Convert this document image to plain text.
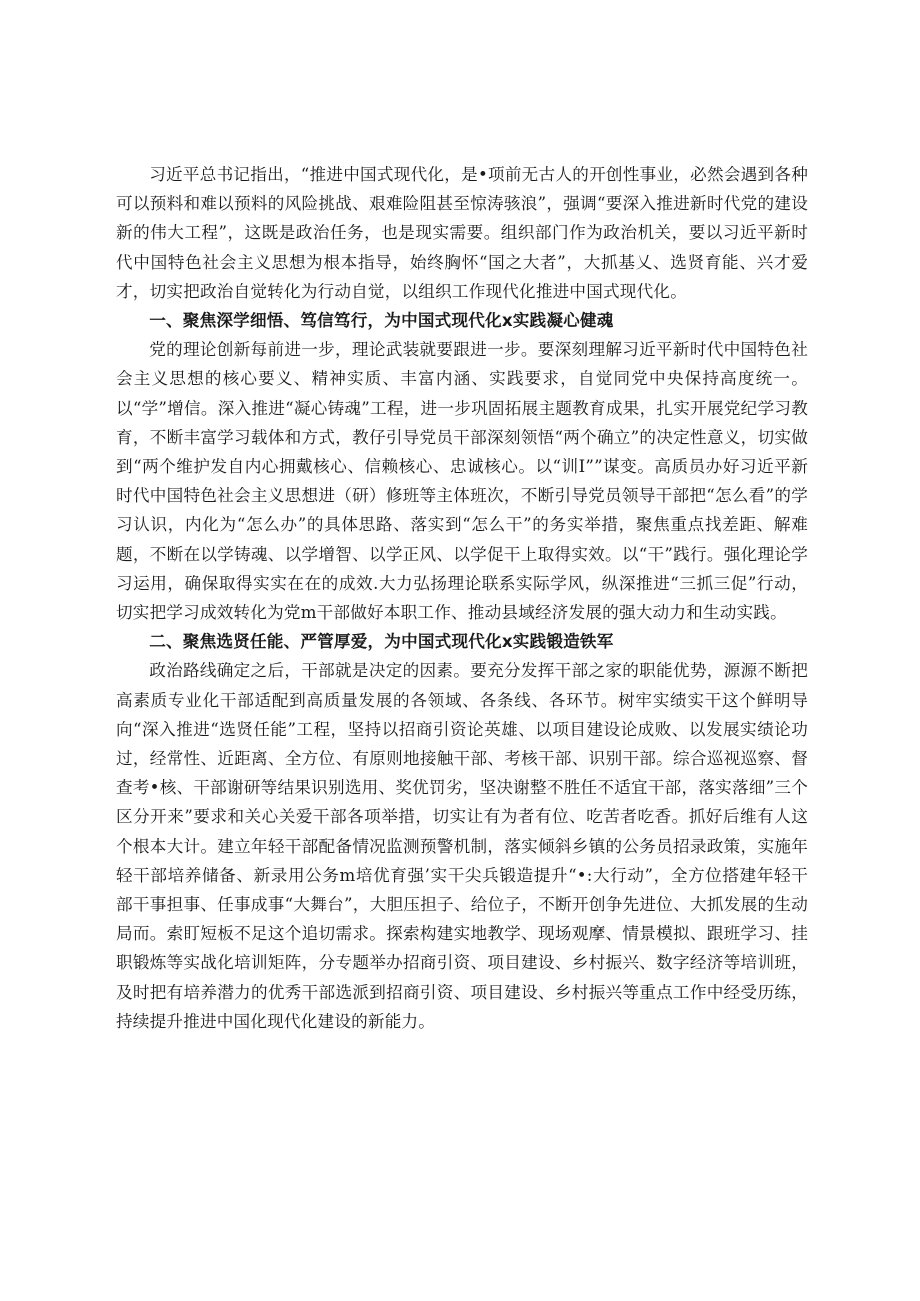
习近平总书记指出，“推进中国式现代化，是•项前无古人的开创性事业，必然会遇到各种可以预料和难以预料的风险挑战、艰难险阻甚至惊涛骇浪”，强调“要深入推进新时代党的建设新的伟大工程”，这既是政治任务，也是现实需要。组织部门作为政治机关，要以习近平新时代中国特色社会主义思想为根本指导，始终胸怀“国之大者”，大抓基乂、选贤育能、兴才爱才，切实把政治自觉转化为行动自觉，以组织工作现代化推进中国式现代化。

一、聚焦深学细悟、笃信笃行，为中国式现代化x实践凝心健魂

党的理论创新每前进一步，理论武装就要跟进一步。要深刻理解习近平新时代中国特色社会主义思想的核心要义、精神实质、丰富内涵、实践要求，自觉同党中央保持高度统一。以“学”增信。深入推进“凝心铸魂”工程，进一步巩固拓展主题教育成果，扎实开展党纪学习教育，不断丰富学习载体和方式，教仔引导党员干部深刻领悟“两个确立”的决定性意义，切实做到“两个维护发自内心拥戴核心、信赖核心、忠诚核心。以“训I””谋变。高质员办好习近平新时代中国特色社会主义思想进（研）修班等主体班次，不断引导党员领导干部把“怎么看”的学习认识，内化为“怎么办”的具体思路、落实到“怎么干”的务实举措，聚焦重点找差距、解难题，不断在以学铸魂、以学增智、以学正风、以学促干上取得实效。以“干”践行。强化理论学习运用，确保取得实实在在的成效.大力弘扬理论联系实际学风，纵深推进“三抓三促”行动，切实把学习成效转化为党m干部做好本职工作、推动县域经济发展的强大动力和生动实践。

二、聚焦选贤任能、严管厚爱，为中国式现代化x实践锻造铁军

政治路线确定之后，干部就是决定的因素。要充分发挥干部之家的职能优势，源源不断把高素质专业化干部适配到高质量发展的各领域、各条线、各环节。树牢实绩实干这个鲜明导向“深入推进“选贤任能”工程，坚持以招商引资论英雄、以项目建设论成败、以发展实绩论功过，经常性、近距离、全方位、有原则地接触干部、考核干部、识别干部。综合巡视巡察、督查考•核、干部谢研等结果识别选用、奖优罚劣，坚决谢整不胜任不适宜干部，落实落细”三个区分开来”要求和关心关爱干部各项举措，切实让有为者有位、吃苦者吃香。抓好后维有人这个根本大计。建立年轻干部配备情况监测预警机制，落实倾斜乡镇的公务员招录政策，实施年轻干部培养储备、新录用公务m培优育强’实干尖兵锻造提升“•:大行动”，全方位搭建年轻干部干事担事、任事成事“大舞台”，大胆压担子、给位子，不断开创争先进位、大抓发展的生动局而。索盯短板不足这个追切需求。探索构建实地教学、现场观摩、情景模拟、跟班学习、挂职锻炼等实战化培训矩阵，分专题举办招商引资、项目建设、乡村振兴、数字经济等培训班，及时把有培养潜力的优秀干部选派到招商引资、项目建设、乡村振兴等重点工作中经受历练，持续提升推进中国化现代化建设的新能力。
